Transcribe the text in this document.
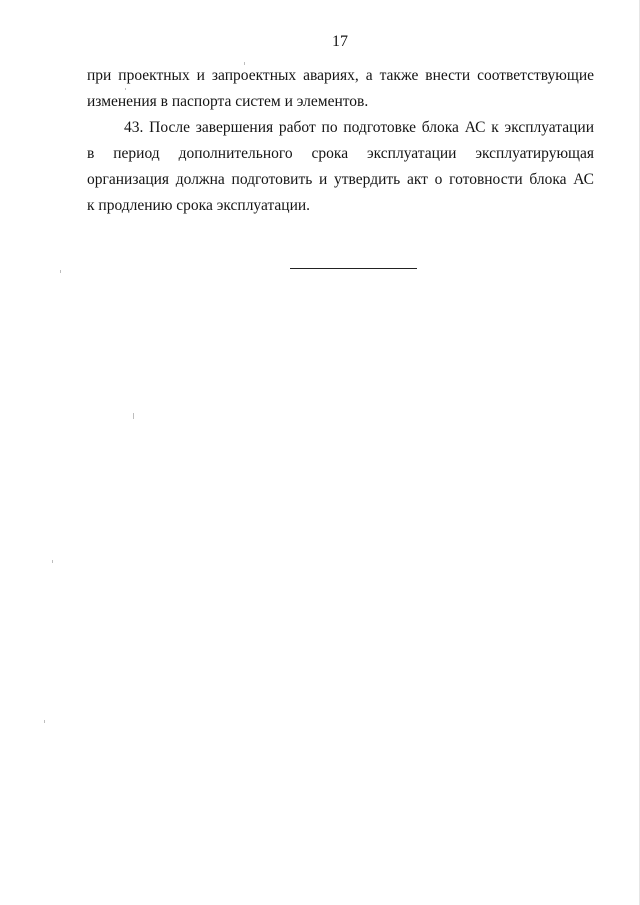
17
при проектных и запроектных авариях, а также внести соответствующие
изменения в паспорта систем и элементов.
43. После завершения работ по подготовке блока АС к эксплуатации
в период дополнительного срока эксплуатации эксплуатирующая
организация должна подготовить и утвердить акт о готовности блока АС
к продлению срока эксплуатации.
